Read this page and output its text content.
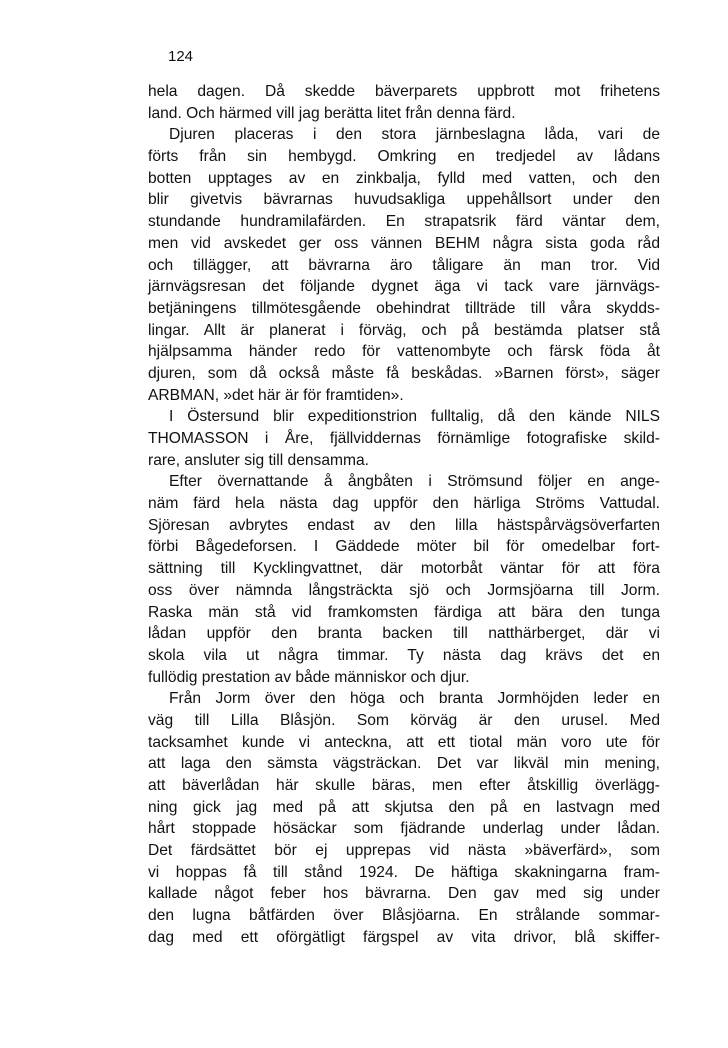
124
hela dagen. Då skedde bäverparets uppbrott mot frihetens
land. Och härmed vill jag berätta litet från denna färd.
Djuren placeras i den stora järnbeslagna låda, vari de
förts från sin hembygd. Omkring en tredjedel av lådans
botten upptages av en zinkbalja, fylld med vatten, och den
blir givetvis bävrarnas huvudsakliga uppehållsort under den
stundande hundramilafärden. En strapatsrik färd väntar dem,
men vid avskedet ger oss vännen BEHM några sista goda råd
och tillägger, att bävrarna äro tåligare än man tror. Vid
järnvägsresan det följande dygnet äga vi tack vare järnvägs-
betjäningens tillmötesgående obehindrat tillträde till våra skydds-
lingar. Allt är planerat i förväg, och på bestämda platser stå
hjälpsamma händer redo för vattenombyte och färsk föda åt
djuren, som då också måste få beskådas. »Barnen först», säger
ARBMAN, »det här är för framtiden».
I Östersund blir expeditionstrion fulltalig, då den kände NILS
THOMASSON i Åre, fjällviddernas förnämlige fotografiske skild-
rare, ansluter sig till densamma.
Efter övernattande å ångbåten i Strömsund följer en ange-
näm färd hela nästa dag uppför den härliga Ströms Vattudal.
Sjöresan avbrytes endast av den lilla hästspårvägsöverfarten
förbi Bågedeforsen. I Gäddede möter bil för omedelbar fort-
sättning till Kycklingvattnet, där motorbåt väntar för att föra
oss över nämnda långsträckta sjö och Jormsjöarna till Jorm.
Raska män stå vid framkomsten färdiga att bära den tunga
lådan uppför den branta backen till natthärberget, där vi
skola vila ut några timmar. Ty nästa dag krävs det en
fullödig prestation av både människor och djur.
Från Jorm över den höga och branta Jormhöjden leder en
väg till Lilla Blåsjön. Som körväg är den urusel. Med
tacksamhet kunde vi anteckna, att ett tiotal män voro ute för
att laga den sämsta vägsträckan. Det var likväl min mening,
att bäverlådan här skulle bäras, men efter åtskillig överlägg-
ning gick jag med på att skjutsa den på en lastvagn med
hårt stoppade hösäckar som fjädrande underlag under lådan.
Det färdsättet bör ej upprepas vid nästa »bäverfärd», som
vi hoppas få till stånd 1924. De häftiga skakningarna fram-
kallade något feber hos bävrarna. Den gav med sig under
den lugna båtfärden över Blåsjöarna. En strålande sommar-
dag med ett oförgätligt färgspel av vita drivor, blå skiffer-
